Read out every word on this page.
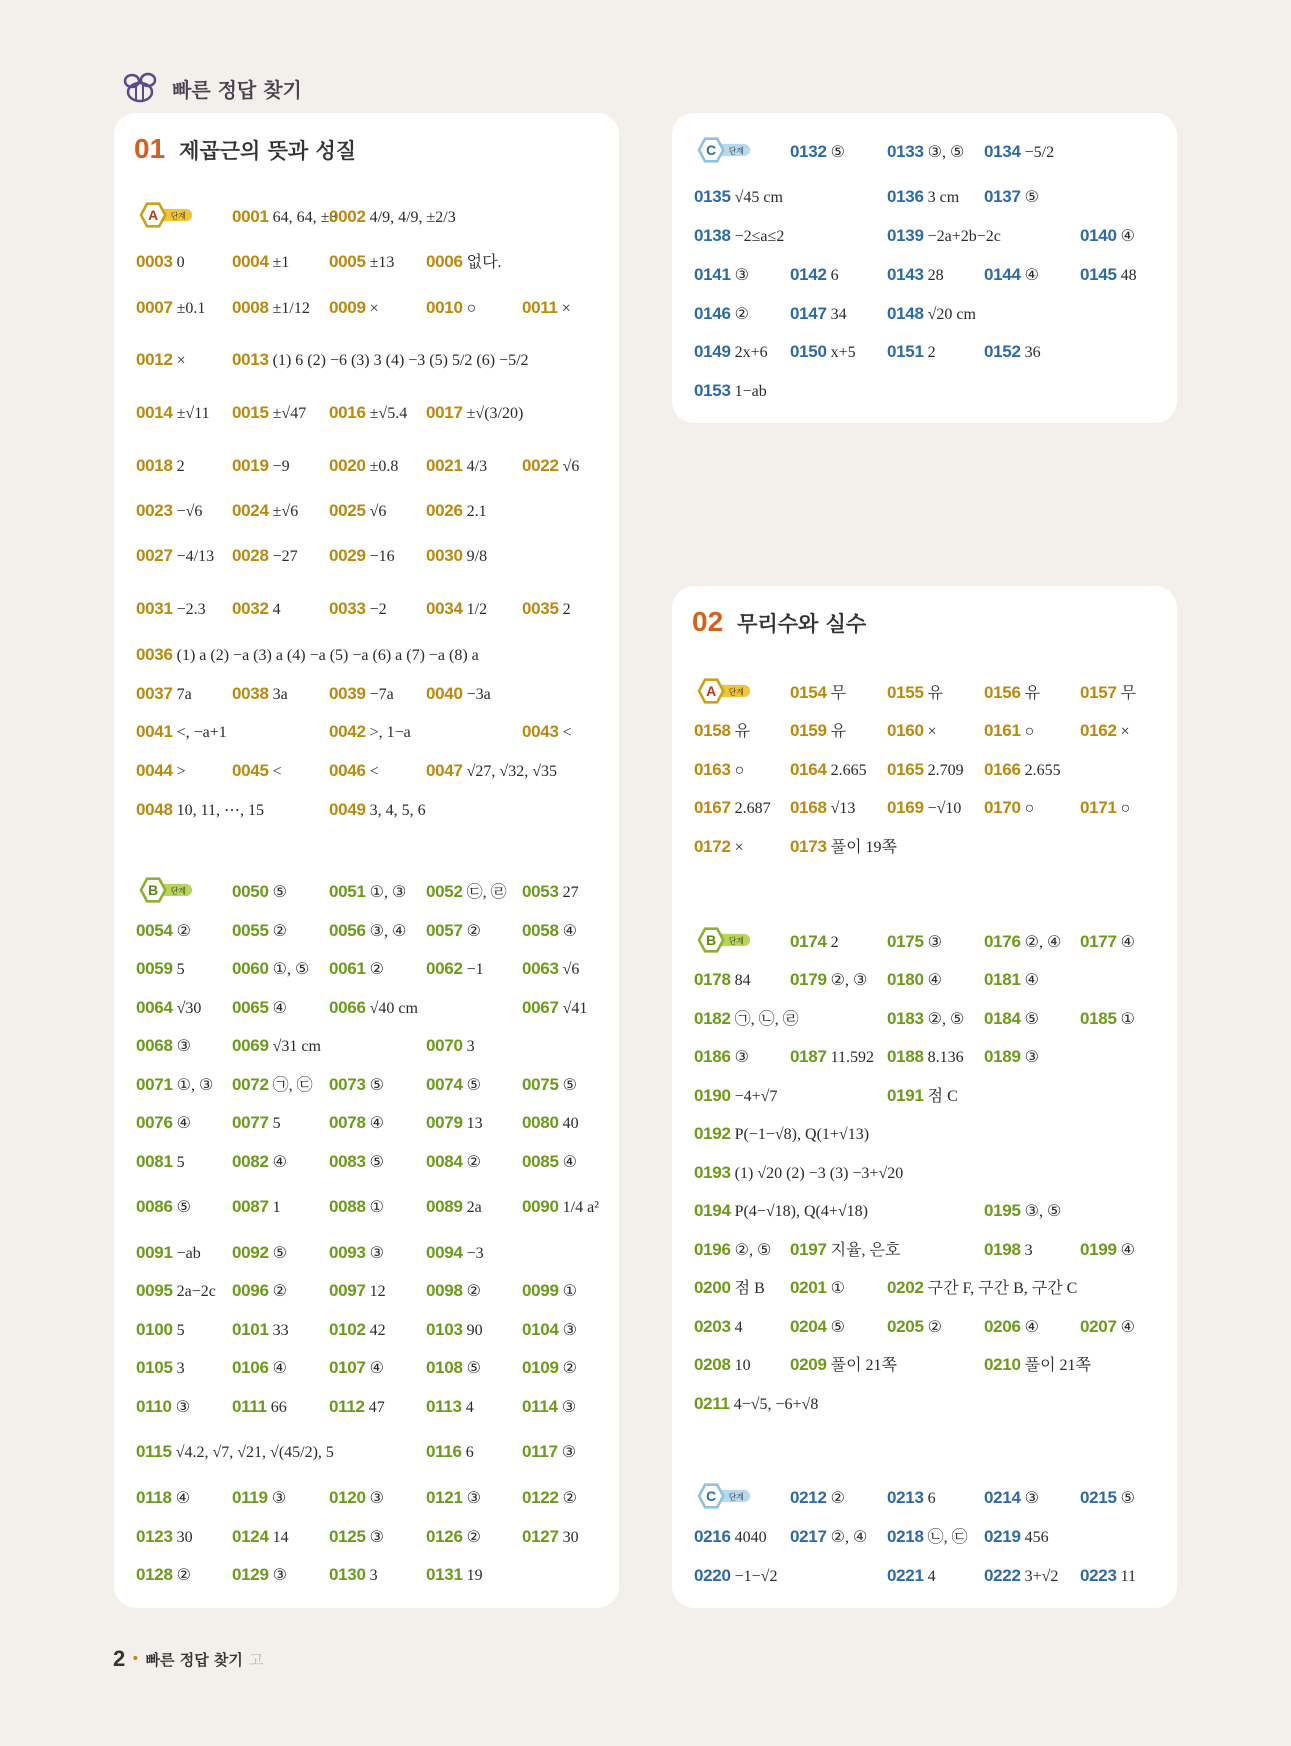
빠른 정답 찾기
01 제곱근의 뜻과 성질
02 무리수와 실수
0001 64, 64, ±8
0002 4/9, 4/9, ±2/3
0003 0	0004 ±1 0005 ±13 0006 없다.
0007 ±0.1 0008 ±1/12 0009 ×	0010 ○	0011 ×
0012 ×	0013 (1) 6 (2) −6 (3) 3 (4) −3 (5) 5/2 (6) −5/2
0014 ±√11 0015 ±√47 0016 ±√5.4 0017 ±√(3/20)
0018 2	0019 −9 0020 ±0.8 0021 4/3 0022 √6
0023 −√6 0024 ±√6 0025 √6 0026 2.1
0027 −4/13 0028 −27 0029 −16 0030 9/8
0031 −2.3 0032 4	0033 −2 0034 1/2 0035 2
0036 (1) a (2) −a (3) a (4) −a (5) −a (6) a (7) −a (8) a
0037 7a 0038 3a 0039 −7a 0040 −3a
0041 <, −a+1	0042 >, 1−a	0043 <
0044 >	0045 <	0046 <	0047 √27, √32, √35
0048 10, 11, ⋯, 15	0049 3, 4, 5, 6
0050 ⑤ 0051 ①, ③ 0052 ㉢, ㉣ 0053 27
0054 ② 0055 ② 0056 ③, ④ 0057 ② 0058 ④
0059 5	0060 ①, ⑤ 0061 ② 0062 −1 0063 √6
0064 √30 0065 ④ 0066 √40 cm	0067 √41
0068 ③ 0069 √31 cm	0070 3
0071 ①, ③ 0072 ㉠, ㉢ 0073 ⑤ 0074 ⑤ 0075 ⑤
0076 ④ 0077 5	0078 ④ 0079 13 0080 40
0081 5	0082 ④ 0083 ⑤ 0084 ② 0085 ④
0086 ⑤ 0087 1	0088 ① 0089 2a 0090 1/4 a²
0091 −ab 0092 ⑤ 0093 ③ 0094 −3
0095 2a−2c 0096 ② 0097 12 0098 ② 0099 ①
0100 5	0101 33 0102 42 0103 90 0104 ③
0105 3	0106 ④ 0107 ④ 0108 ⑤ 0109 ②
0110 ③ 0111 66 0112 47 0113 4	0114 ③
0115 √4.2, √7, √21, √(45/2), 5	0116 6	0117 ③
0118 ④ 0119 ③	0120 ③ 0121 ③ 0122 ②
0123 30 0124 14 0125 ③ 0126 ② 0127 30
0128 ② 0129 ③ 0130 3	0131 19
0132 ⑤ 0133 ③, ⑤ 0134 −5/2
0135 √45 cm	0136 3 cm 0137 ⑤
0138 −2≤a≤2	0139 −2a+2b−2c	0140 ④
0141 ③ 0142 6	0143 28 0144 ④ 0145 48
0146 ② 0147 34 0148 √20 cm
0149 2x+6 0150 x+5 0151 2	0152 36
0153 1−ab
0154 무 0155 유 0156 유 0157 무
0158 유 0159 유 0160 ×	0161 ○	0162 ×
0163 ○	0164 2.665 0165 2.709 0166 2.655
0167 2.687 0168 √13 0169 −√10 0170 ○	0171 ○
0172 ×	0173 풀이 19쪽
0174 2	0175 ③ 0176 ②, ④ 0177 ④
0178 84 0179 ②, ③ 0180 ④ 0181 ④
0182 ㉠, ㉡, ㉣	0183 ②, ⑤ 0184 ⑤ 0185 ①
0186 ③ 0187 11.592 0188 8.136 0189 ③
0190 −4+√7	0191 점 C
0192 P(−1−√8), Q(1+√13)
0193 (1) √20 (2) −3 (3) −3+√20
0194 P(4−√18), Q(4+√18)	0195 ③, ⑤
0196 ②, ⑤ 0197 지율, 은호	0198 3	0199 ④
0200 점 B 0201 ① 0202 구간 F, 구간 B, 구간 C
0203 4	0204 ⑤ 0205 ② 0206 ④ 0207 ④
0208 10 0209 풀이 21쪽	0210 풀이 21쪽
0211 4−√5, −6+√8
0212 ② 0213 6	0214 ③ 0215 ⑤
0216 4040 0217 ②, ④ 0218 ㉡, ㉢ 0219 456
0220 −1−√2	0221 4	0222 3+√2 0223 11
A 단계
B 단계
C 단계
A 단계
B 단계
C 단계
2 • 빠른 정답 찾기 고
